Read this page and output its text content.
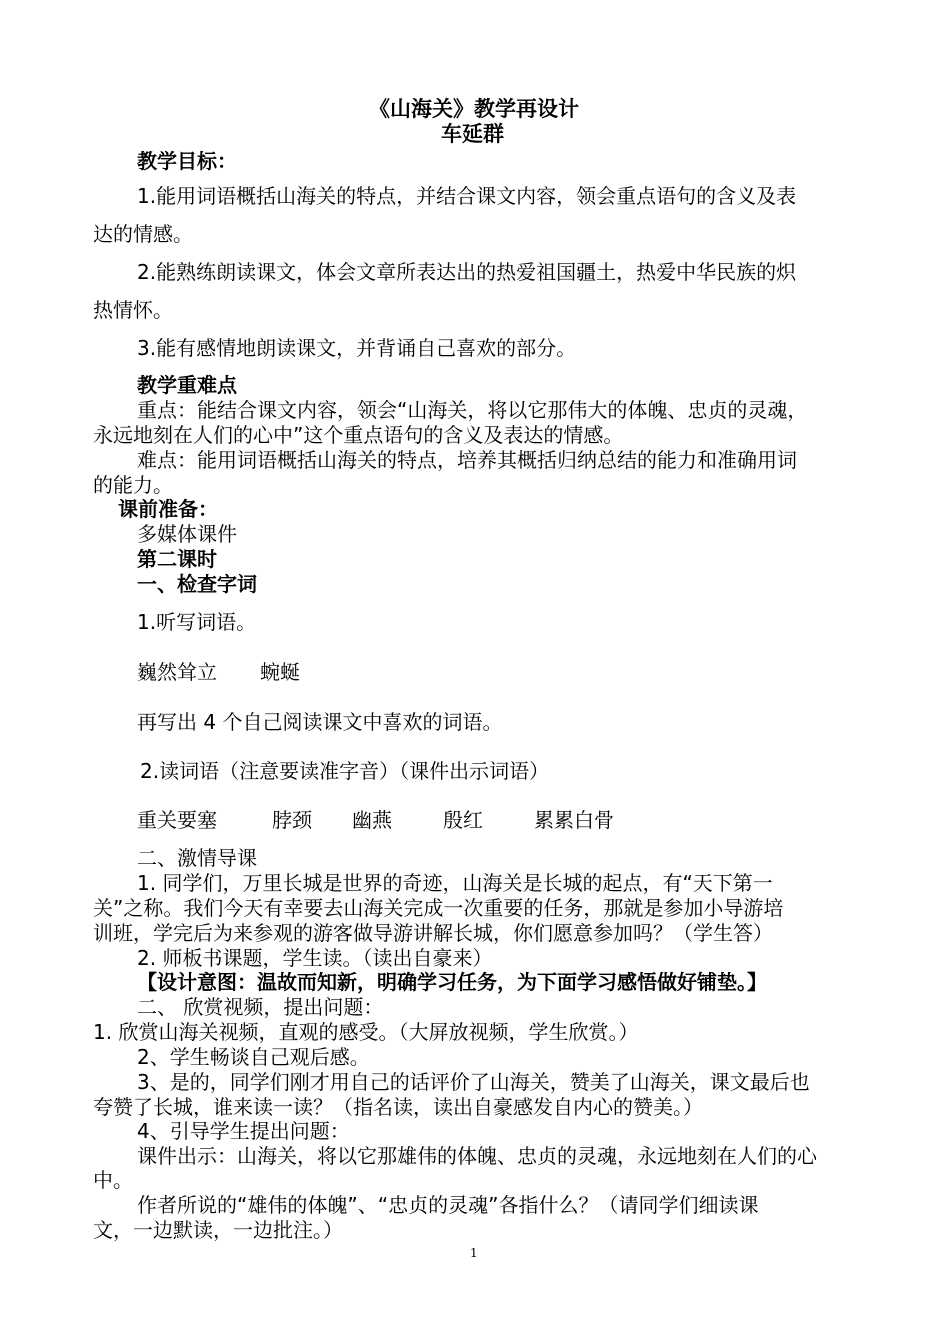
《山海关》教学再设计
车延群
教学目标：
1.能用词语概括山海关的特点，并结合课文内容，领会重点语句的含义及表
达的情感。
2.能熟练朗读课文，体会文章所表达出的热爱祖国疆土，热爱中华民族的炽
热情怀。
3.能有感情地朗读课文，并背诵自己喜欢的部分。
教学重难点
重点：能结合课文内容，领会“山海关，将以它那伟大的体魄、忠贞的灵魂，
永远地刻在人们的心中”这个重点语句的含义及表达的情感。
难点：能用词语概括山海关的特点，培养其概括归纳总结的能力和准确用词
的能力。
课前准备：
多媒体课件
第二课时
一、检查字词
1.听写词语。
巍然耸立 蜿蜒
再写出 4 个自己阅读课文中喜欢的词语。
2.读词语（注意要读准字音）（课件出示词语）
重关要塞	脖颈 幽燕	殷红	累累白骨
二、激情导课
1. 同学们，万里长城是世界的奇迹，山海关是长城的起点，有“天下第一
关”之称。我们今天有幸要去山海关完成一次重要的任务，那就是参加小导游培
训班，学完后为来参观的游客做导游讲解长城，你们愿意参加吗？（学生答）
2. 师板书课题，学生读。（读出自豪来）
【设计意图：温故而知新，明确学习任务，为下面学习感悟做好铺垫。】
二、 欣赏视频，提出问题：
1. 欣赏山海关视频，直观的感受。（大屏放视频，学生欣赏。）
2、学生畅谈自己观后感。
3、是的，同学们刚才用自己的话评价了山海关，赞美了山海关，课文最后也
夸赞了长城，谁来读一读？（指名读，读出自豪感发自内心的赞美。）
4、引导学生提出问题：
课件出示：山海关，将以它那雄伟的体魄、忠贞的灵魂，永远地刻在人们的心
中。
作者所说的“雄伟的体魄”、“忠贞的灵魂”各指什么？（请同学们细读课
文，一边默读，一边批注。）
1
